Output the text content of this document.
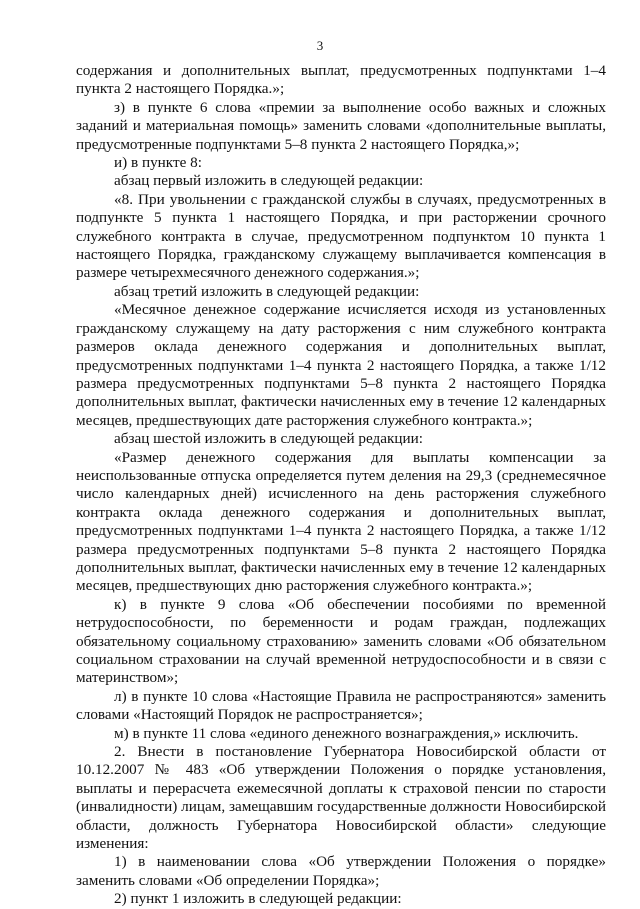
3

содержания и дополнительных выплат, предусмотренных подпунктами 1–4 пункта 2 настоящего Порядка.»;

з) в пункте 6 слова «премии за выполнение особо важных и сложных заданий и материальная помощь» заменить словами «дополнительные выплаты, предусмотренные подпунктами 5–8 пункта 2 настоящего Порядка,»;

и) в пункте 8:

абзац первый изложить в следующей редакции:

«8. При увольнении с гражданской службы в случаях, предусмотренных в подпункте 5 пункта 1 настоящего Порядка, и при расторжении срочного служебного контракта в случае, предусмотренном подпунктом 10 пункта 1 настоящего Порядка, гражданскому служащему выплачивается компенсация в размере четырехмесячного денежного содержания.»;

абзац третий изложить в следующей редакции:

«Месячное денежное содержание исчисляется исходя из установленных гражданскому служащему на дату расторжения с ним служебного контракта размеров оклада денежного содержания и дополнительных выплат, предусмотренных подпунктами 1–4 пункта 2 настоящего Порядка, а также 1/12 размера предусмотренных подпунктами 5–8 пункта 2 настоящего Порядка дополнительных выплат, фактически начисленных ему в течение 12 календарных месяцев, предшествующих дате расторжения служебного контракта.»;

абзац шестой изложить в следующей редакции:

«Размер денежного содержания для выплаты компенсации за неиспользованные отпуска определяется путем деления на 29,3 (среднемесячное число календарных дней) исчисленного на день расторжения служебного контракта оклада денежного содержания и дополнительных выплат, предусмотренных подпунктами 1–4 пункта 2 настоящего Порядка, а также 1/12 размера предусмотренных подпунктами 5–8 пункта 2 настоящего Порядка дополнительных выплат, фактически начисленных ему в течение 12 календарных месяцев, предшествующих дню расторжения служебного контракта.»;

к) в пункте 9 слова «Об обеспечении пособиями по временной нетрудоспособности, по беременности и родам граждан, подлежащих обязательному социальному страхованию» заменить словами «Об обязательном социальном страховании на случай временной нетрудоспособности и в связи с материнством»;

л) в пункте 10 слова «Настоящие Правила не распространяются» заменить словами «Настоящий Порядок не распространяется»;

м) в пункте 11 слова «единого денежного вознаграждения,» исключить.

2. Внести в постановление Губернатора Новосибирской области от 10.12.2007 № 483 «Об утверждении Положения о порядке установления, выплаты и перерасчета ежемесячной доплаты к страховой пенсии по старости (инвалидности) лицам, замещавшим государственные должности Новосибирской области, должность Губернатора Новосибирской области» следующие изменения:

1) в наименовании слова «Об утверждении Положения о порядке» заменить словами «Об определении Порядка»;

2) пункт 1 изложить в следующей редакции:
